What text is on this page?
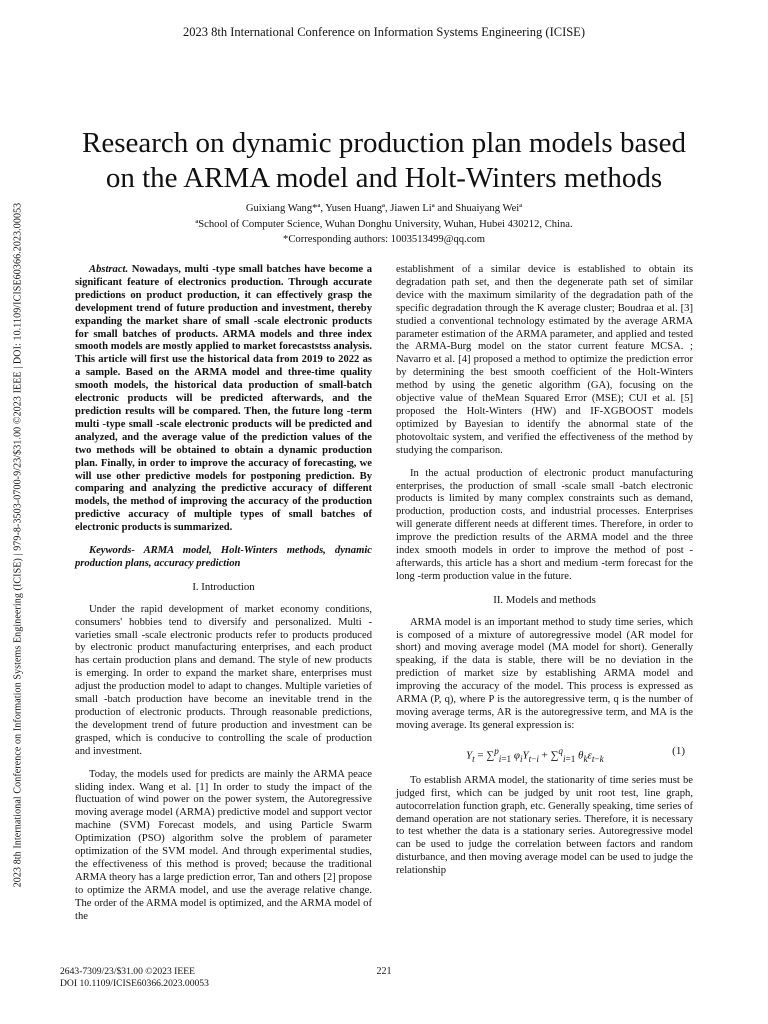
2023 8th International Conference on Information Systems Engineering (ICISE)
2023 8th International Conference on Information Systems Engineering (ICISE) | 979-8-3503-0700-9/23/$31.00 ©2023 IEEE | DOI: 10.1109/ICISE60366.2023.00053
Research on dynamic production plan models based
on the ARMA model and Holt-Winters methods
Guixiang Wang*ª, Yusen Huangª, Jiawen Liª and Shuaiyang Weiª
ªSchool of Computer Science, Wuhan Donghu University, Wuhan, Hubei 430212, China.
*Corresponding authors: 1003513499@qq.com

Abstract. Nowadays, multi -type small batches have become a significant feature of electronics production. Through accurate predictions on product production, it can effectively grasp the development trend of future production and investment, thereby expanding the market share of small -scale electronic products for small batches of products. ARMA models and three index smooth models are mostly applied to market forecaststss analysis. This article will first use the historical data from 2019 to 2022 as a sample. Based on the ARMA model and three-time quality smooth models, the historical data production of small-batch electronic products will be predicted afterwards, and the prediction results will be compared. Then, the future long -term multi -type small -scale electronic products will be predicted and analyzed, and the average value of the prediction values of the two methods will be obtained to obtain a dynamic production plan. Finally, in order to improve the accuracy of forecasting, we will use other predictive models for postponing prediction. By comparing and analyzing the predictive accuracy of different models, the method of improving the accuracy of the production predictive accuracy of multiple types of small batches of electronic products is summarized.

Keywords- ARMA model, Holt-Winters methods, dynamic production plans, accuracy prediction

I. Introduction

Under the rapid development of market economy conditions, consumers' hobbies tend to diversify and personalized. Multi -varieties small -scale electronic products refer to products produced by electronic product manufacturing enterprises, and each product has certain production plans and demand. The style of new products is emerging. In order to expand the market share, enterprises must adjust the production model to adapt to changes. Multiple varieties of small -batch production have become an inevitable trend in the production of electronic products. Through reasonable predictions, the development trend of future production and investment can be grasped, which is conducive to controlling the scale of production and investment.

Today, the models used for predicts are mainly the ARMA peace sliding index. Wang et al. [1] In order to study the impact of the fluctuation of wind power on the power system, the Autoregressive moving average model (ARMA) predictive model and support vector machine (SVM) Forecast models, and using Particle Swarm Optimization (PSO) algorithm solve the problem of parameter optimization of the SVM model. And through experimental studies, the effectiveness of this method is proved; because the traditional ARMA theory has a large prediction error, Tan and others [2] propose to optimize the ARMA model, and use the average relative change. The order of the ARMA model is optimized, and the ARMA model of the

establishment of a similar device is established to obtain its degradation path set, and then the degenerate path set of similar device with the maximum similarity of the degradation path of the specific degradation through the K average cluster; Boudraa et al. [3] studied a conventional technology estimated by the average ARMA parameter estimation of the ARMA parameter, and applied and tested the ARMA-Burg model on the stator current feature MCSA. ; Navarro et al. [4] proposed a method to optimize the prediction error by determining the best smooth coefficient of the Holt-Winters method by using the genetic algorithm (GA), focusing on the objective value of theMean Squared Error (MSE); CUI et al. [5] proposed the Holt-Winters (HW) and IF-XGBOOST models optimized by Bayesian to identify the abnormal state of the photovoltaic system, and verified the effectiveness of the method by studying the comparison.

In the actual production of electronic product manufacturing enterprises, the production of small -scale small -batch electronic products is limited by many complex constraints such as demand, production, production costs, and industrial processes. Enterprises will generate different needs at different times. Therefore, in order to improve the prediction results of the ARMA model and the three index smooth models in order to improve the method of post -afterwards, this article has a short and medium -term forecast for the long -term production value in the future.

II. Models and methods

ARMA model is an important method to study time series, which is composed of a mixture of autoregressive model (AR model for short) and moving average model (MA model for short). Generally speaking, if the data is stable, there will be no deviation in the prediction of market size by establishing ARMA model and improving the accuracy of the model. This process is expressed as ARMA (P, q), where P is the autoregressive term, q is the number of moving average terms, AR is the autoregressive term, and MA is the moving average. Its general expression is:

$Y_t = \sum^p_{i=1}$ $\varphi_iY_{t-i} + \sum^q_{i=1}$ $\theta_k\varepsilon_{t-k}$
(1)

To establish ARMA model, the stationarity of time series must be judged first, which can be judged by unit root test, line graph, autocorrelation function graph, etc. Generally speaking, time series of demand operation are not stationary series. Therefore, it is necessary to test whether the data is a stationary series. Autoregressive model can be used to judge the correlation between factors and random disturbance, and then moving average model can be used to judge the relationship

2643-7309/23/$31.00 ©2023 IEEE
DOI 10.1109/ICISE60366.2023.00053
221
